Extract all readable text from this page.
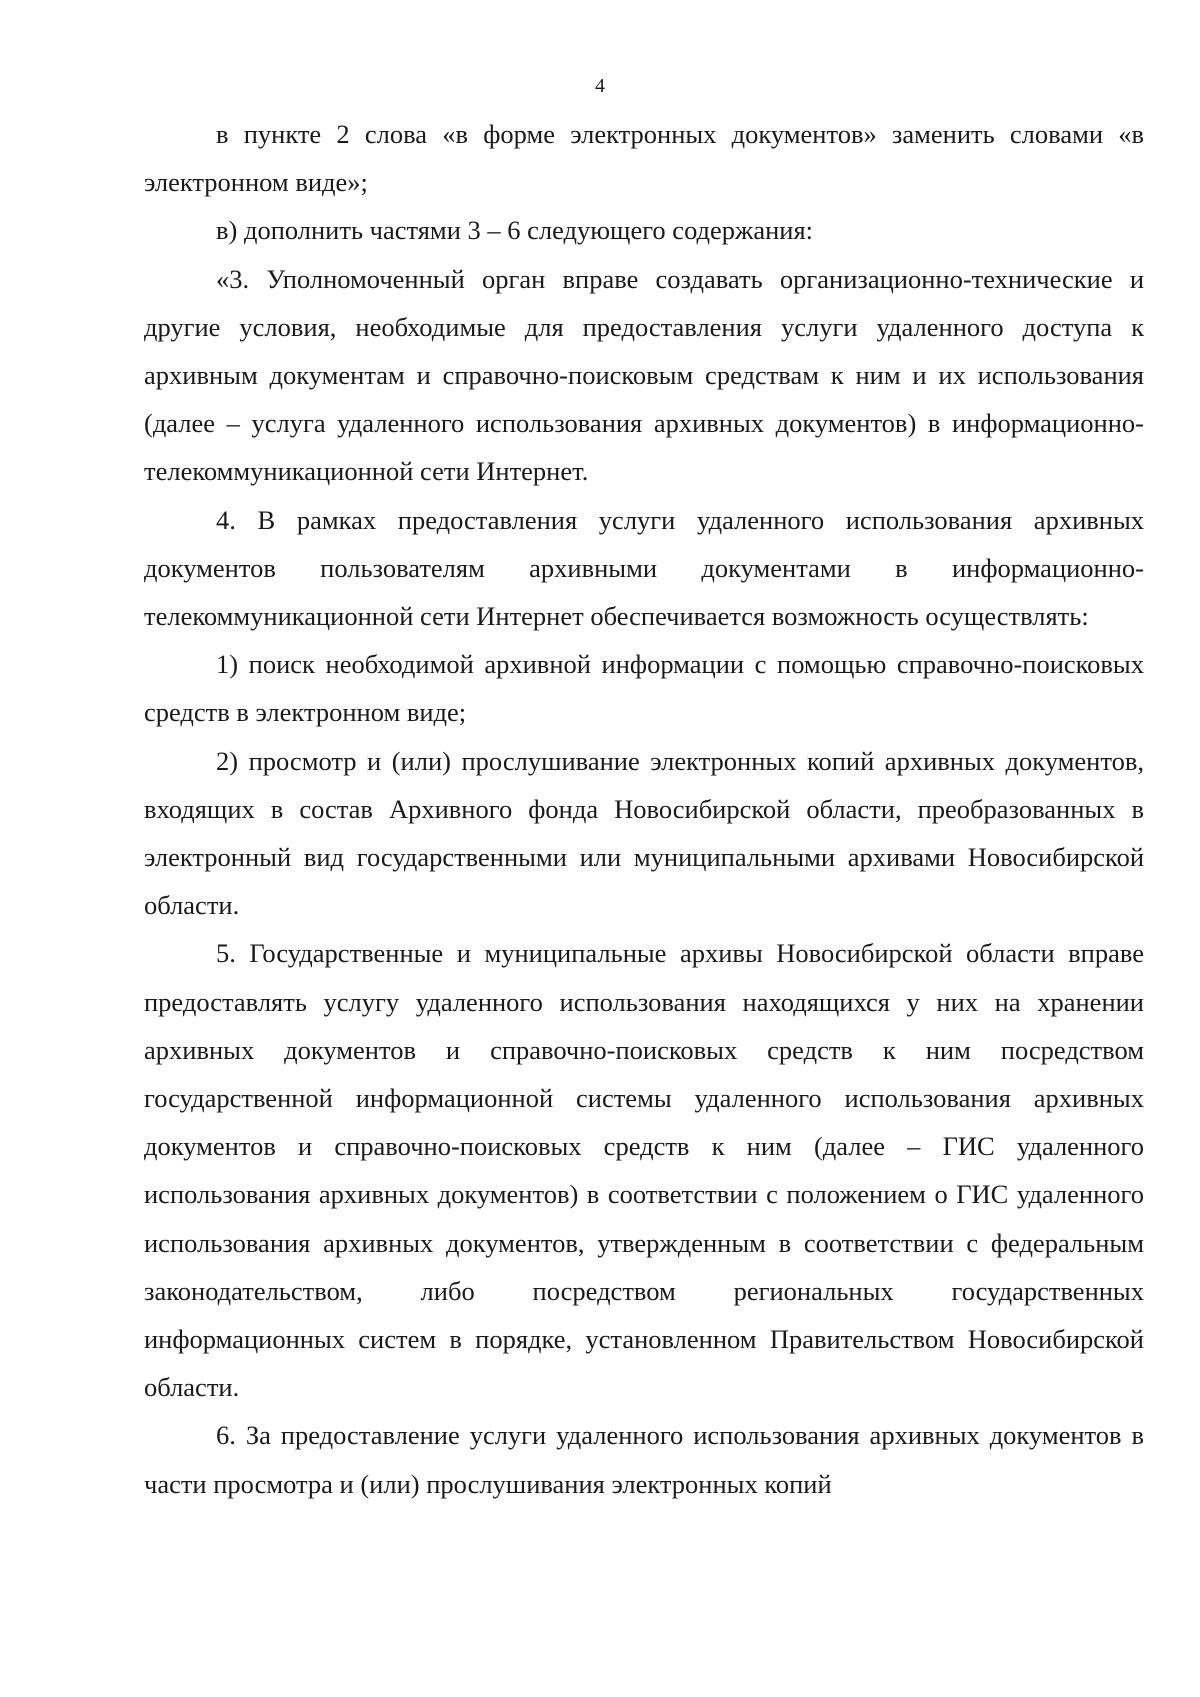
4

в пункте 2 слова «в форме электронных документов» заменить словами «в электронном виде»;

в) дополнить частями 3 – 6 следующего содержания:

«3. Уполномоченный орган вправе создавать организационно-технические и другие условия, необходимые для предоставления услуги удаленного доступа к архивным документам и справочно-поисковым средствам к ним и их использования (далее – услуга удаленного использования архивных документов) в информационно-телекоммуникационной сети Интернет.

4. В рамках предоставления услуги удаленного использования архивных документов пользователям архивными документами в информационно-телекоммуникационной сети Интернет обеспечивается возможность осуществлять:

1) поиск необходимой архивной информации с помощью справочно-поисковых средств в электронном виде;

2) просмотр и (или) прослушивание электронных копий архивных документов, входящих в состав Архивного фонда Новосибирской области, преобразованных в электронный вид государственными или муниципальными архивами Новосибирской области.

5. Государственные и муниципальные архивы Новосибирской области вправе предоставлять услугу удаленного использования находящихся у них на хранении архивных документов и справочно-поисковых средств к ним посредством государственной информационной системы удаленного использования архивных документов и справочно-поисковых средств к ним (далее – ГИС удаленного использования архивных документов) в соответствии с положением о ГИС удаленного использования архивных документов, утвержденным в соответствии с федеральным законодательством, либо посредством региональных государственных информационных систем в порядке, установленном Правительством Новосибирской области.

6. За предоставление услуги удаленного использования архивных документов в части просмотра и (или) прослушивания электронных копий
